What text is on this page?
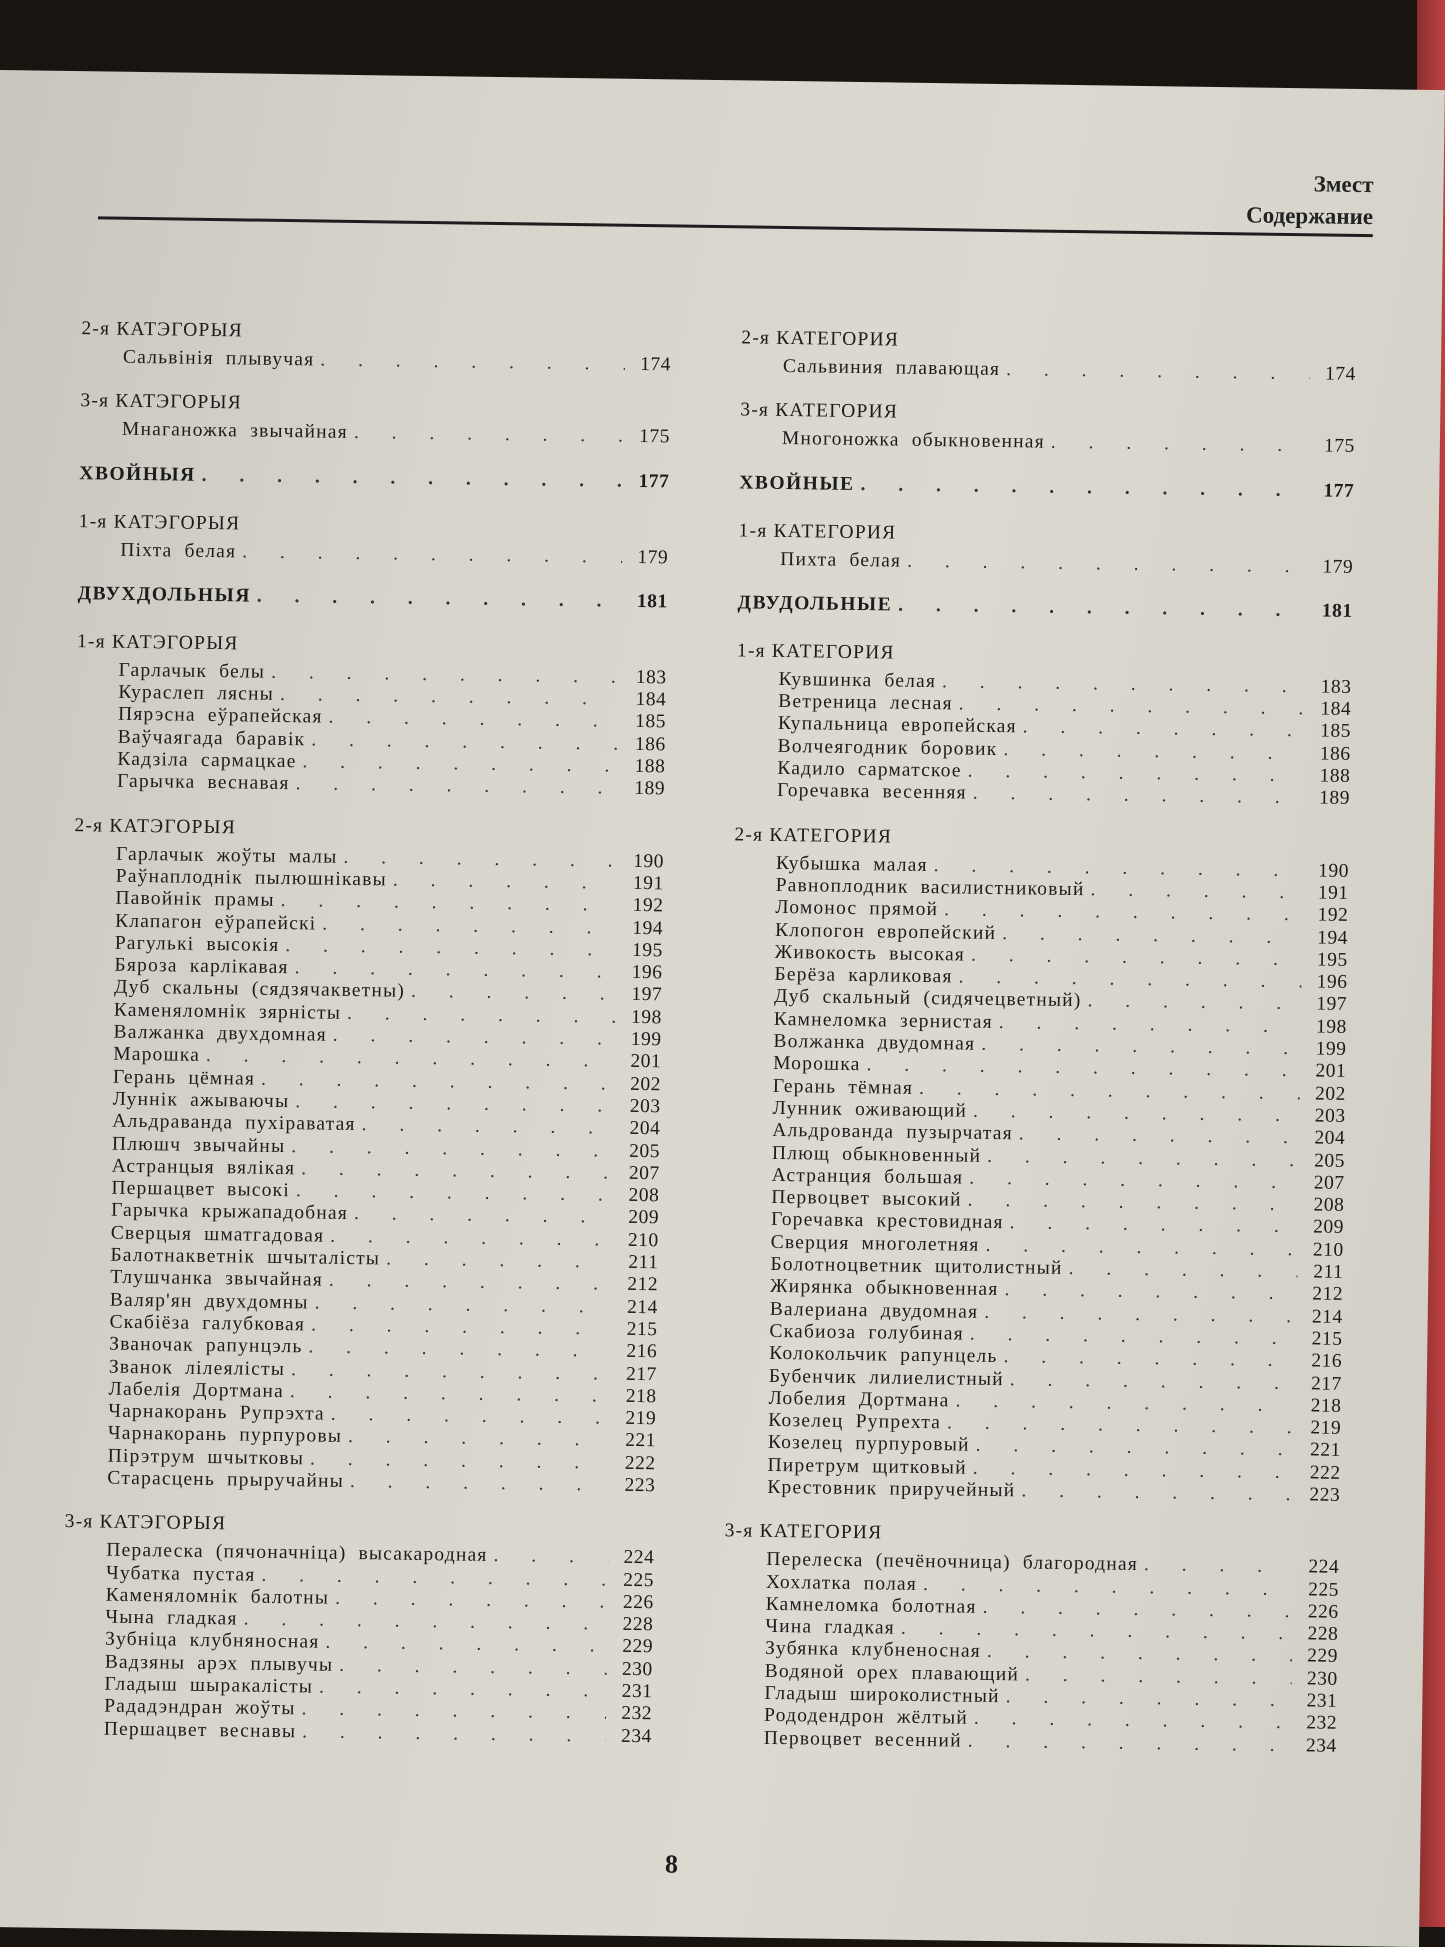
Змест
Содержание
2-я КАТЭГОРЫЯ
Сальвінія плывучая . . .	174
3-я КАТЭГОРЫЯ
Мнаганожка звычайная . . .	175
ХВОЙНЫЯ . . .	177
1-я КАТЭГОРЫЯ
Піхта белая . . .	179
ДВУХДОЛЬНЫЯ . . .	181
1-я КАТЭГОРЫЯ
Гарлачык белы . . .	183
Кураслеп лясны . . .	184
Пярэсна еўрапейская . . .	185
Ваўчаягада баравік . . .	186
Кадзіла сармацкае . . .	188
Гарычка веснавая . . .	189
2-я КАТЭГОРЫЯ
Гарлачык жоўты малы . . .	190
Раўнаплоднік пылюшнікавы . . .	191
Павойнік прамы . . .	192
Клапагон еўрапейскі . . .	194
Рагулькі высокія . . .	195
Бяроза карлікавая . . .	196
Дуб скальны (сядзячакветны) . . .	197
Каменяломнік зярністы . . .	198
Валжанка двухдомная . . .	199
Марошка . . .	201
Герань цёмная . . .	202
Луннік ажываючы . . .	203
Альдраванда пухіраватая . . .	204
Плюшч звычайны . . .	205
Астранцыя вялікая . . .	207
Першацвет высокі . . .	208
Гарычка крыжападобная . . .	209
Сверцыя шматгадовая . . .	210
Балотнакветнік шчыталісты . . .	211
Тлушчанка звычайная . . .	212
Валяр'ян двухдомны . . .	214
Скабіёза галубковая . . .	215
Званочак рапунцэль . . .	216
Званок лілеялісты . . .	217
Лабелія Дортмана . . .	218
Чарнакорань Рупрэхта . . .	219
Чарнакорань пурпуровы . . .	221
Пірэтрум шчытковы . . .	222
Старасцень прыручайны . . .	223
3-я КАТЭГОРЫЯ
Пералеска (пячоначніца) высакародная . . .	224
Чубатка пустая . . .	225
Каменяломнік балотны . . .	226
Чына гладкая . . .	228
Зубніца клубняносная . . .	229
Вадзяны арэх плывучы . . .	230
Гладыш шыракалісты . . .	231
Рададэндран жоўты . . .	232
Першацвет веснавы . . .	234
2-я КАТЕГОРИЯ
Сальвиния плавающая . . .	174
3-я КАТЕГОРИЯ
Многоножка обыкновенная . . .	175
ХВОЙНЫЕ . . .	177
1-я КАТЕГОРИЯ
Пихта белая . . .	179
ДВУДОЛЬНЫЕ . . .	181
1-я КАТЕГОРИЯ
Кувшинка белая . . .	183
Ветреница лесная . . .	184
Купальница европейская . . .	185
Волчеягодник боровик . . .	186
Кадило сарматское . . .	188
Горечавка весенняя . . .	189
2-я КАТЕГОРИЯ
Кубышка малая . . .	190
Равноплодник василистниковый . . .	191
Ломонос прямой . . .	192
Клопогон европейский . . .	194
Живокость высокая . . .	195
Берёза карликовая . . .	196
Дуб скальный (сидячецветный) . . .	197
Камнеломка зернистая . . .	198
Волжанка двудомная . . .	199
Морошка . . .	201
Герань тёмная . . .	202
Лунник оживающий . . .	203
Альдрованда пузырчатая . . .	204
Плющ обыкновенный . . .	205
Астранция большая . . .	207
Первоцвет высокий . . .	208
Горечавка крестовидная . . .	209
Сверция многолетняя . . .	210
Болотноцветник щитолистный . . .	211
Жирянка обыкновенная . . .	212
Валериана двудомная . . .	214
Скабиоза голубиная . . .	215
Колокольчик рапунцель . . .	216
Бубенчик лилиелистный . . .	217
Лобелия Дортмана . . .	218
Козелец Рупрехта . . .	219
Козелец пурпуровый . . .	221
Пиретрум щитковый . . .	222
Крестовник приручейный . . .	223
3-я КАТЕГОРИЯ
Перелеска (печёночница) благородная . . .	224
Хохлатка полая . . .	225
Камнеломка болотная . . .	226
Чина гладкая . . .	228
Зубянка клубненосная . . .	229
Водяной орех плавающий . . .	230
Гладыш широколистный . . .	231
Рододендрон жёлтый . . .	232
Первоцвет весенний . . .	234
8
